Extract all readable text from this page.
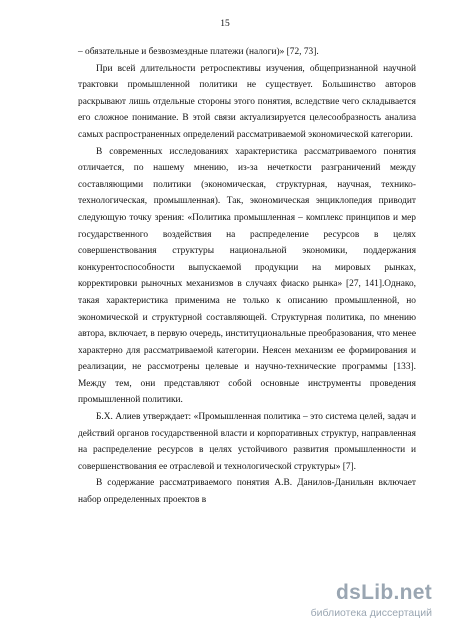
15

– обязательные и безвозмездные платежи (налоги)» [72, 73].

При всей длительности ретроспективы изучения, общепризнанной научной трактовки промышленной политики не существует. Большинство авторов раскрывают лишь отдельные стороны этого понятия, вследствие чего складывается его сложное понимание. В этой связи актуализируется целесообразность анализа самых распространенных определений рассматриваемой экономической категории.

В современных исследованиях характеристика рассматриваемого понятия отличается, по нашему мнению, из-за нечеткости разграничений между составляющими политики (экономическая, структурная, научная, технико-технологическая, промышленная). Так, экономическая энциклопедия приводит следующую точку зрения: «Политика промышленная – комплекс принципов и мер государственного воздействия на распределение ресурсов в целях совершенствования структуры национальной экономики, поддержания конкурентоспособности выпускаемой продукции на мировых рынках, корректировки рыночных механизмов в случаях фиаско рынка» [27, 141].Однако, такая характеристика применима не только к описанию промышленной, но экономической и структурной составляющей. Структурная политика, по мнению автора, включает, в первую очередь, институциональные преобразования, что менее характерно для рассматриваемой категории. Неясен механизм ее формирования и реализации, не рассмотрены целевые и научно-технические программы [133]. Между тем, они представляют собой основные инструменты проведения промышленной политики.

Б.Х. Алиев утверждает: «Промышленная политика – это система целей, задач и действий органов государственной власти и корпоративных структур, направленная на распределение ресурсов в целях устойчивого развития промышленности и совершенствования ее отраслевой и технологической структуры» [7].

В содержание рассматриваемого понятия А.В. Данилов-Данильян включает набор определенных проектов в

dsLib.net
библиотека диссертаций
